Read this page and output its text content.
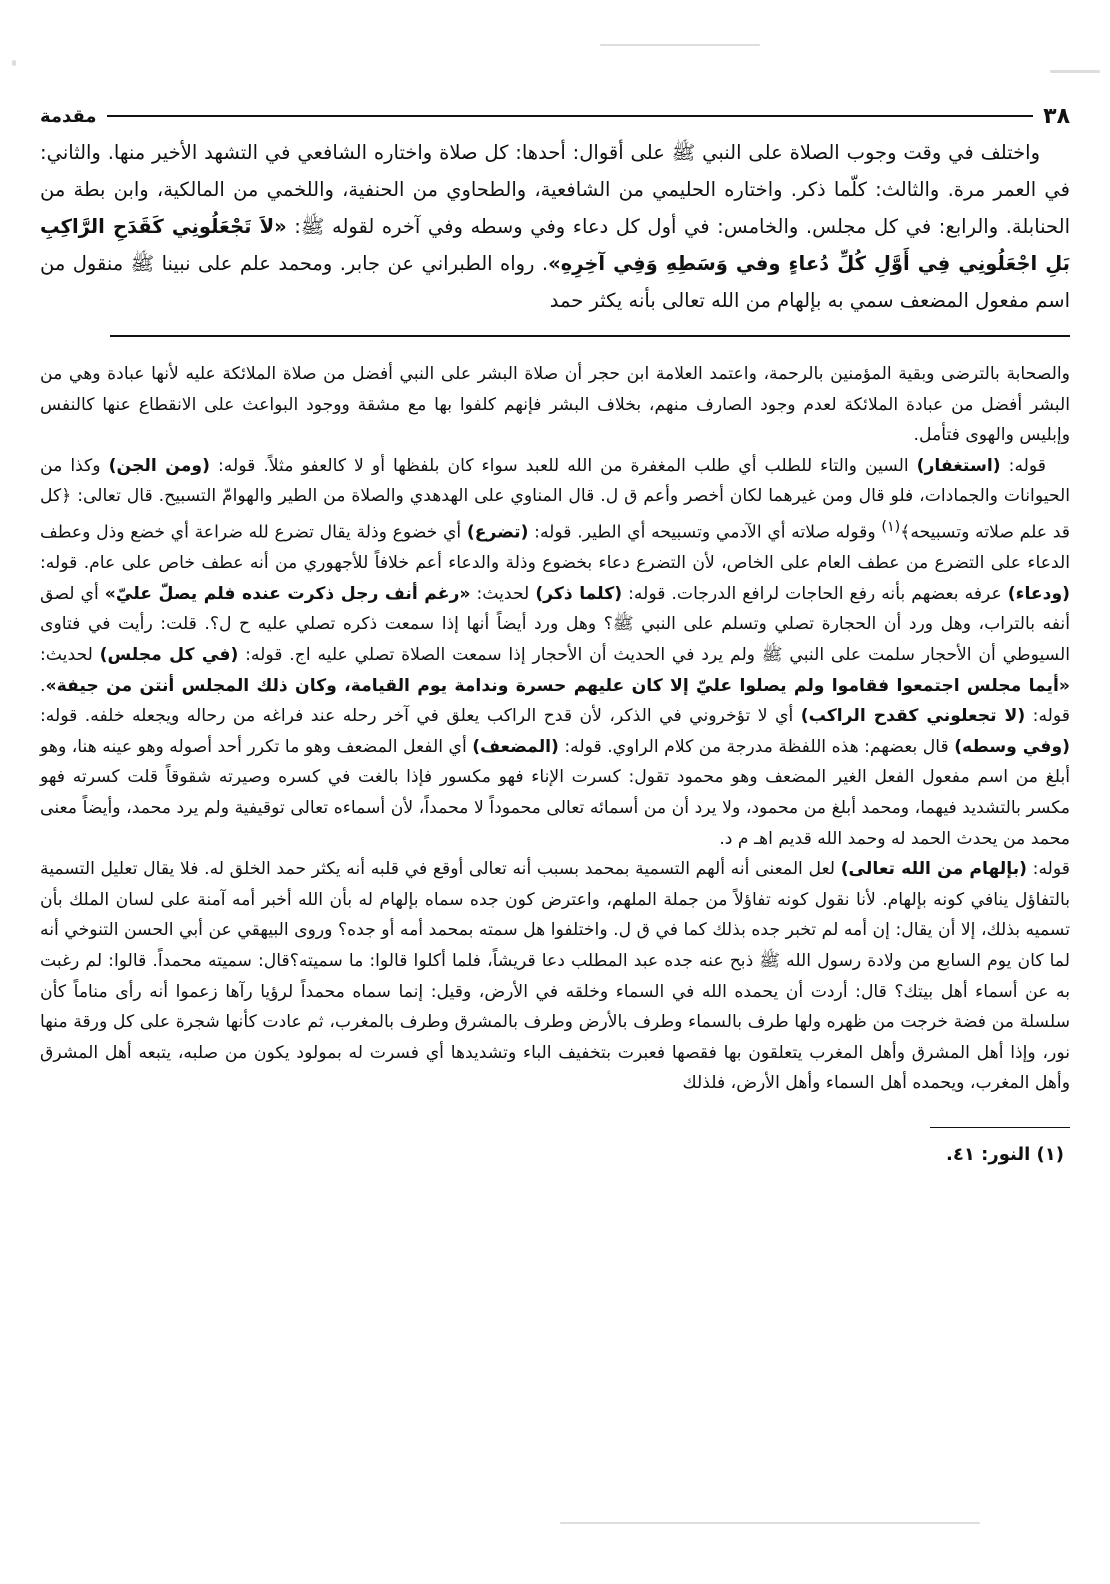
٣٨
مقدمة

واختلف في وقت وجوب الصلاة على النبي ﷺ على أقوال: أحدها: كل صلاة واختاره الشافعي في التشهد الأخير منها. والثاني: في العمر مرة. والثالث: كلّما ذكر. واختاره الحليمي من الشافعية، والطحاوي من الحنفية، واللخمي من المالكية، وابن بطة من الحنابلة. والرابع: في كل مجلس. والخامس: في أول كل دعاء وفي وسطه وفي آخره لقوله ﷺ: «لاَ تَجْعَلُونِي كَقَدَحِ الرَّاكِبِ بَلِ اجْعَلُونِي فِي أَوَّلِ كُلِّ دُعاءٍ وفي وَسَطِهِ وَفِي آخِرِهِ». رواه الطبراني عن جابر. ومحمد علم على نبينا ﷺ منقول من اسم مفعول المضعف سمي به بإلهام من الله تعالى بأنه يكثر حمد

والصحابة بالترضى وبقية المؤمنين بالرحمة، واعتمد العلامة ابن حجر أن صلاة البشر على النبي أفضل من صلاة الملائكة عليه لأنها عبادة وهي من البشر أفضل من عبادة الملائكة لعدم وجود الصارف منهم، بخلاف البشر فإنهم كلفوا بها مع مشقة ووجود البواعث على الانقطاع عنها كالنفس وإبليس والهوى فتأمل.

قوله: (استغفار) السين والتاء للطلب أي طلب المغفرة من الله للعبد سواء كان بلفظها أو لا كالعفو مثلاً. قوله: (ومن الجن) وكذا من الحيوانات والجمادات، فلو قال ومن غيرهما لكان أخصر وأعم ق ل. قال المناوي على الهدهدي والصلاة من الطير والهوامّ التسبيح. قال تعالى: ﴿كل قد علم صلاته وتسبيحه﴾$^{(١)}$ وقوله صلاته أي الآدمي وتسبيحه أي الطير. قوله: (تضرع) أي خضوع وذلة يقال تضرع لله ضراعة أي خضع وذل وعطف الدعاء على التضرع من عطف العام على الخاص، لأن التضرع دعاء بخضوع وذلة والدعاء أعم خلافاً للأجهوري من أنه عطف خاص على عام. قوله: (ودعاء) عرفه بعضهم بأنه رفع الحاجات لرافع الدرجات. قوله: (كلما ذكر) لحديث: «رغم أنف رجل ذكرت عنده فلم يصلّ عليّ» أي لصق أنفه بالتراب، وهل ورد أن الحجارة تصلي وتسلم على النبي ﷺ؟ وهل ورد أيضاً أنها إذا سمعت ذكره تصلي عليه ح ل؟. قلت: رأيت في فتاوى السيوطي أن الأحجار سلمت على النبي ﷺ ولم يرد في الحديث أن الأحجار إذا سمعت الصلاة تصلي عليه اج. قوله: (في كل مجلس) لحديث: «أيما مجلس اجتمعوا فقاموا ولم يصلوا عليّ إلا كان عليهم حسرة وندامة يوم القيامة، وكان ذلك المجلس أنتن من جيفة». قوله: (لا تجعلوني كقدح الراكب) أي لا تؤخروني في الذكر، لأن قدح الراكب يعلق في آخر رحله عند فراغه من رحاله ويجعله خلفه. قوله: (وفي وسطه) قال بعضهم: هذه اللفظة مدرجة من كلام الراوي. قوله: (المضعف) أي الفعل المضعف وهو ما تكرر أحد أصوله وهو عينه هنا، وهو أبلغ من اسم مفعول الفعل الغير المضعف وهو محمود تقول: كسرت الإناء فهو مكسور فإذا بالغت في كسره وصيرته شقوقاً قلت كسرته فهو مكسر بالتشديد فيهما، ومحمد أبلغ من محمود، ولا يرد أن من أسمائه تعالى محموداً لا محمداً، لأن أسماءه تعالى توقيفية ولم يرد محمد، وأيضاً معنى محمد من يحدث الحمد له وحمد الله قديم اهـ م د.

قوله: (بإلهام من الله تعالى) لعل المعنى أنه ألهم التسمية بمحمد بسبب أنه تعالى أوقع في قلبه أنه يكثر حمد الخلق له. فلا يقال تعليل التسمية بالتفاؤل ينافي كونه بإلهام. لأنا نقول كونه تفاؤلاً من جملة الملهم، واعترض كون جده سماه بإلهام له بأن الله أخبر أمه آمنة على لسان الملك بأن تسميه بذلك، إلا أن يقال: إن أمه لم تخبر جده بذلك كما في ق ل. واختلفوا هل سمته بمحمد أمه أو جده؟ وروى البيهقي عن أبي الحسن التنوخي أنه لما كان يوم السابع من ولادة رسول الله ﷺ ذبح عنه جده عبد المطلب دعا قريشاً، فلما أكلوا قالوا: ما سميته؟قال: سميته محمداً. قالوا: لم رغبت به عن أسماء أهل بيتك؟ قال: أردت أن يحمده الله في السماء وخلقه في الأرض، وقيل: إنما سماه محمداً لرؤيا رآها زعموا أنه رأى مناماً كأن سلسلة من فضة خرجت من ظهره ولها طرف بالسماء وطرف بالأرض وطرف بالمشرق وطرف بالمغرب، ثم عادت كأنها شجرة على كل ورقة منها نور، وإذا أهل المشرق وأهل المغرب يتعلقون بها فقصها فعبرت بتخفيف الباء وتشديدها أي فسرت له بمولود يكون من صلبه، يتبعه أهل المشرق وأهل المغرب، ويحمده أهل السماء وأهل الأرض، فلذلك

(١) النور: ٤١.
